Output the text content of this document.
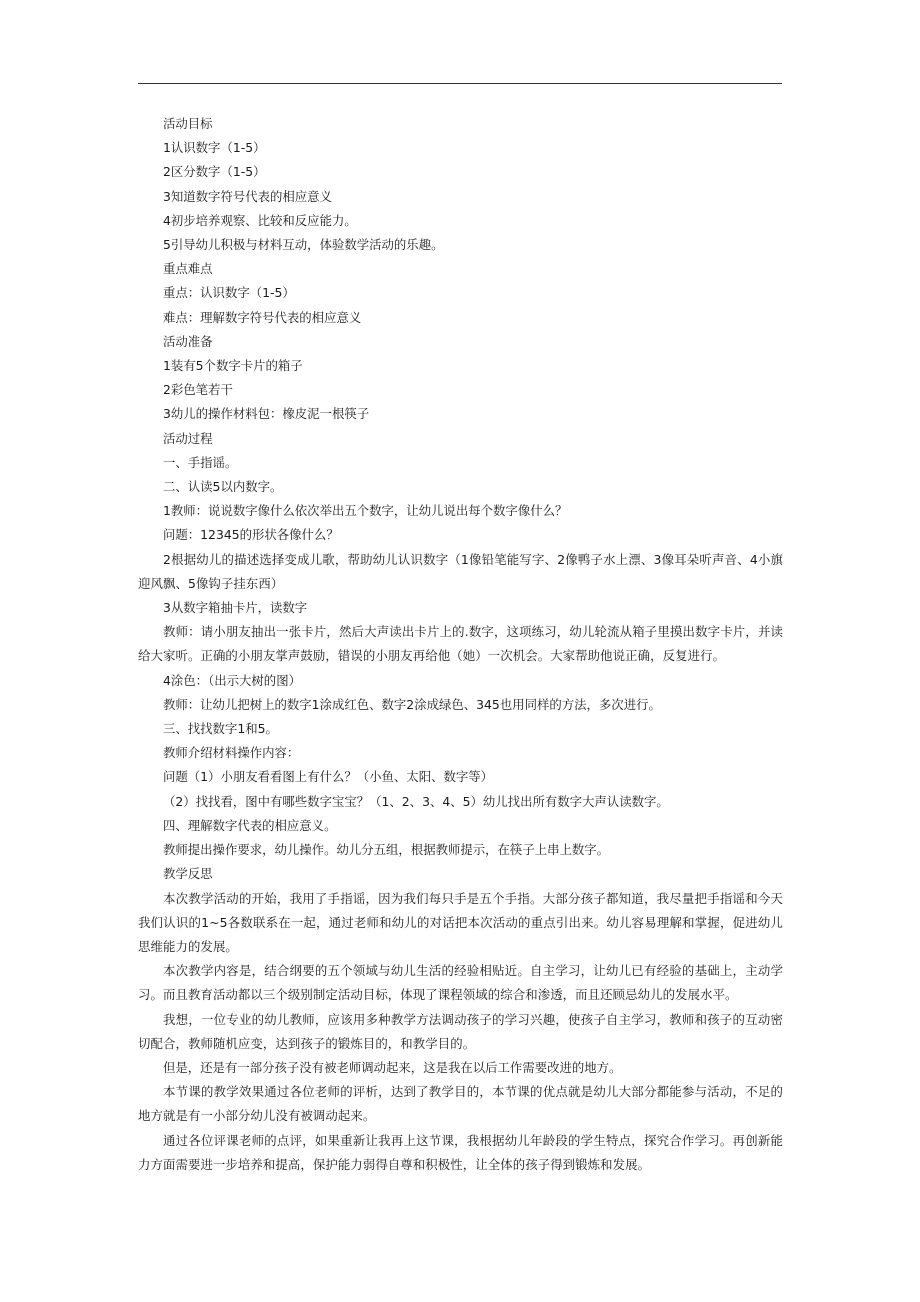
活动目标

1认识数字（1-5）

2区分数字（1-5）

3知道数字符号代表的相应意义

4初步培养观察、比较和反应能力。

5引导幼儿积极与材料互动，体验数学活动的乐趣。

重点难点

重点：认识数字（1-5）

难点：理解数字符号代表的相应意义

活动准备

1装有5个数字卡片的箱子

2彩色笔若干

3幼儿的操作材料包：橡皮泥一根筷子

活动过程

一、手指谣。

二、认读5以内数字。

1教师：说说数字像什么依次举出五个数字，让幼儿说出每个数字像什么？

问题：12345的形状各像什么？

2根据幼儿的描述选择变成儿歌，帮助幼儿认识数字（1像铅笔能写字、2像鸭子水上漂、3像耳朵听声音、4小旗迎风飘、5像钩子挂东西）

3从数字箱抽卡片，读数字

教师：请小朋友抽出一张卡片，然后大声读出卡片上的.数字，这项练习，幼儿轮流从箱子里摸出数字卡片，并读给大家听。正确的小朋友掌声鼓励，错误的小朋友再给他（她）一次机会。大家帮助他说正确，反复进行。

4涂色：（出示大树的图）

教师：让幼儿把树上的数字1涂成红色、数字2涂成绿色、345也用同样的方法，多次进行。

三、找找数字1和5。

教师介绍材料操作内容：

问题（1）小朋友看看图上有什么？（小鱼、太阳、数字等）

（2）找找看，图中有哪些数字宝宝？（1、2、3、4、5）幼儿找出所有数字大声认读数字。

四、理解数字代表的相应意义。

教师提出操作要求，幼儿操作。幼儿分五组，根据教师提示，在筷子上串上数字。

教学反思

本次教学活动的开始，我用了手指谣，因为我们每只手是五个手指。大部分孩子都知道，我尽量把手指谣和今天我们认识的1~5各数联系在一起，通过老师和幼儿的对话把本次活动的重点引出来。幼儿容易理解和掌握，促进幼儿思维能力的发展。

本次教学内容是，结合纲要的五个领域与幼儿生活的经验相贴近。自主学习，让幼儿已有经验的基础上，主动学习。而且教育活动都以三个级别制定活动目标，体现了课程领域的综合和渗透，而且还顾忌幼儿的发展水平。

我想，一位专业的幼儿教师，应该用多种教学方法调动孩子的学习兴趣，使孩子自主学习，教师和孩子的互动密切配合，教师随机应变，达到孩子的锻炼目的，和教学目的。

但是，还是有一部分孩子没有被老师调动起来，这是我在以后工作需要改进的地方。

本节课的教学效果通过各位老师的评析，达到了教学目的，本节课的优点就是幼儿大部分都能参与活动，不足的地方就是有一小部分幼儿没有被调动起来。

通过各位评课老师的点评，如果重新让我再上这节课，我根据幼儿年龄段的学生特点，探究合作学习。再创新能力方面需要进一步培养和提高，保护能力弱得自尊和积极性，让全体的孩子得到锻炼和发展。
